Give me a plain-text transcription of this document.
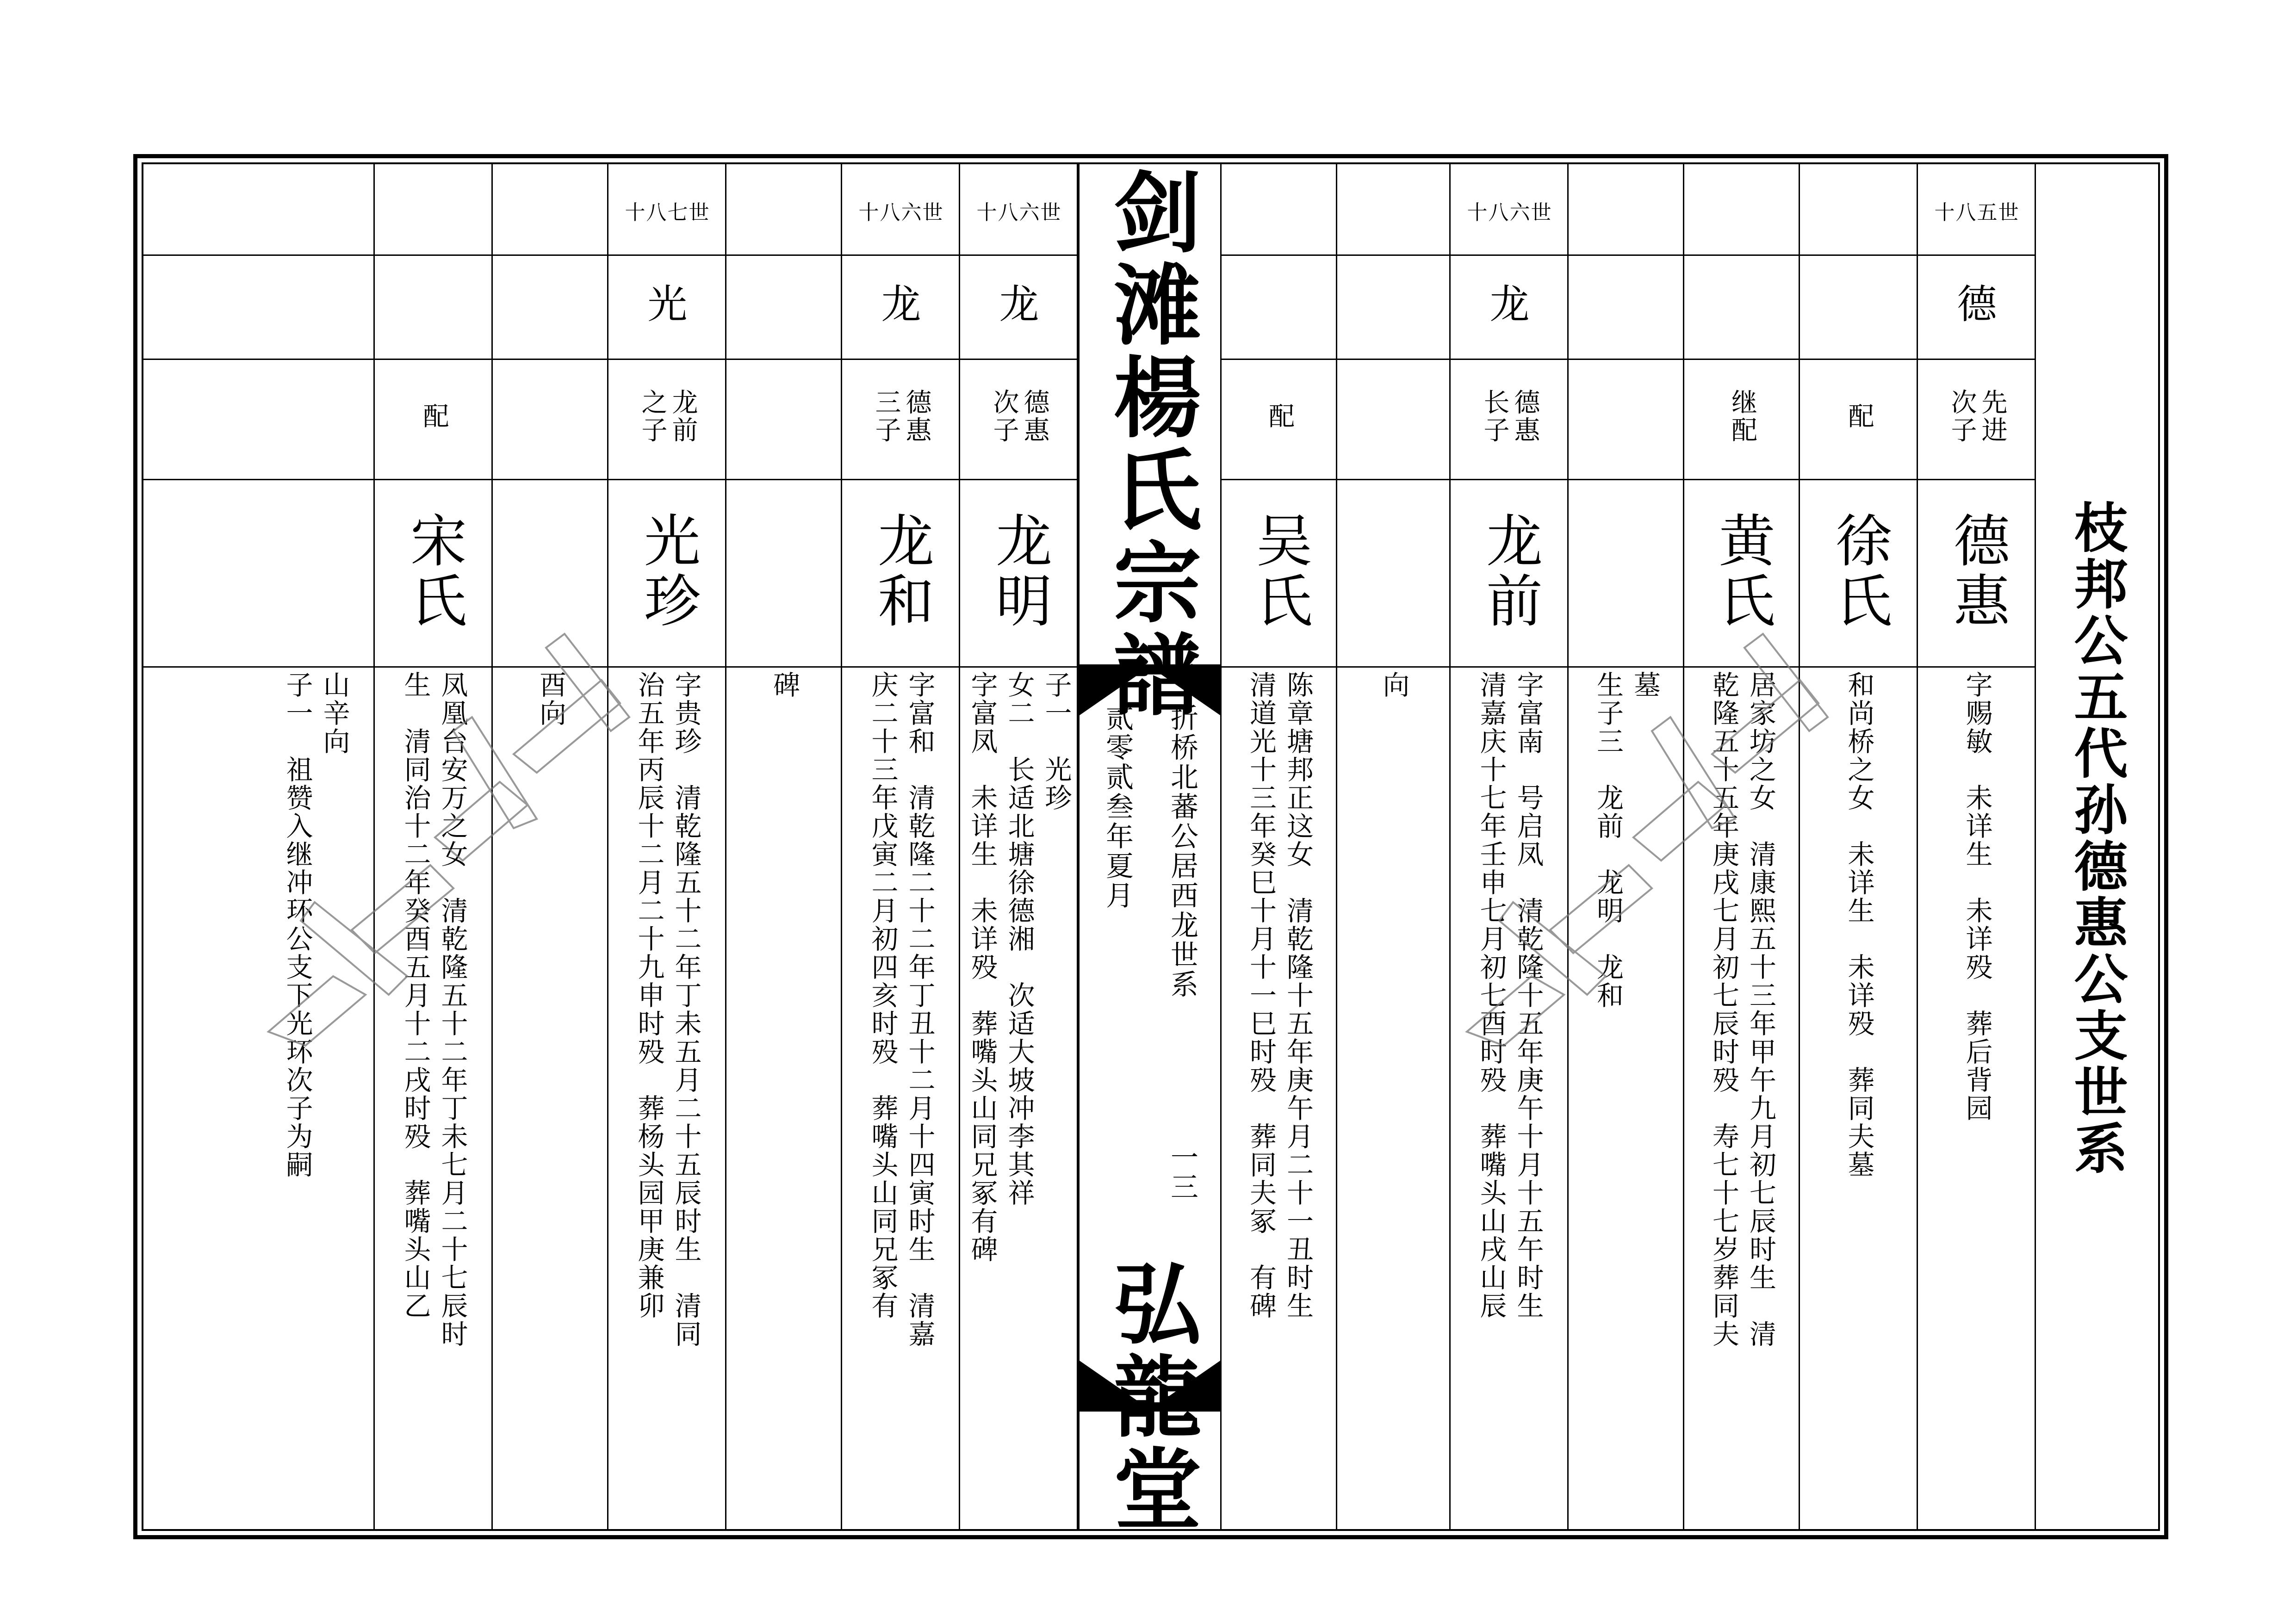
枝邦公五代孙德惠公支世系
剑滩楊氏宗譜
弘龍堂
折桥北蕃公居西龙世系
贰零贰叁年夏月
一三
十八五世
德
先进
次子
德惠
字赐敏　未详生　未详殁　葬后背园
配
徐氏
和尚桥之女　未详生　未详殁　葬同夫墓
继配
黄氏
居家坊之女　清康熙五十三年甲午九月初七辰时生　清
乾隆五十五年庚戌七月初七辰时殁　寿七十七岁葬同夫
墓
生子三　龙前　龙明　龙和
十八六世
龙
德惠
长子
龙前
字富南　号启凤　清乾隆十五年庚午十月十五午时生
清嘉庆十七年壬申七月初七酉时殁　葬嘴头山戌山辰
向
配
吴氏
陈章塘邦正这女　清乾隆十五年庚午月二十一丑时生
清道光十三年癸巳十月十一巳时殁　葬同夫冢　有碑
十八六世
龙
德惠
次子
龙明
子一　光珍
女二　长适北塘徐德湘　次适大坡冲李其祥
字富凤　未详生　未详殁　葬嘴头山同兄冢有碑
十八六世
龙
德惠
三子
龙和
字富和　清乾隆二十二年丁丑十二月十四寅时生　清嘉
庆二十三年戊寅二月初四亥时殁　葬嘴头山同兄冢有
碑
十八七世
光
龙前
之子
光珍
字贵珍　清乾隆五十二年丁未五月二十五辰时生　清同
治五年丙辰十二月二十九申时殁　葬杨头园甲庚兼卯
酉向
配
宋氏
凤凰台安万之女　清乾隆五十二年丁未七月二十七辰时
生　清同治十二年癸酉五月十二戌时殁　葬嘴头山乙
山辛向
子一　祖赞入继冲环公支下光环次子为嗣
